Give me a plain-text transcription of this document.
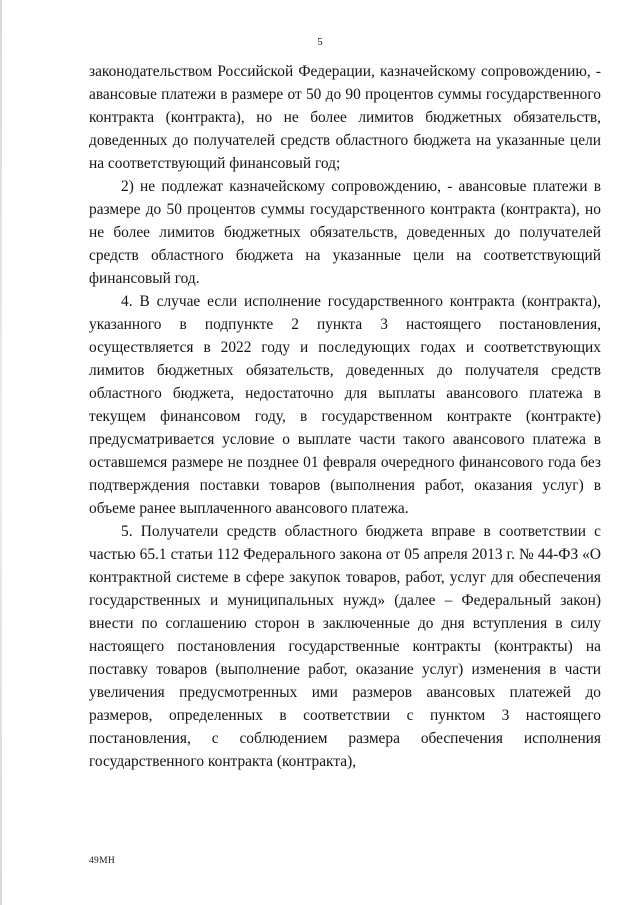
5

законодательством Российской Федерации, казначейскому сопровождению, - авансовые платежи в размере от 50 до 90 процентов суммы государственного контракта (контракта), но не более лимитов бюджетных обязательств, доведенных до получателей средств областного бюджета на указанные цели на соответствующий финансовый год;

2) не подлежат казначейскому сопровождению, - авансовые платежи в размере до 50 процентов суммы государственного контракта (контракта), но не более лимитов бюджетных обязательств, доведенных до получателей средств областного бюджета на указанные цели на соответствующий финансовый год.

4. В случае если исполнение государственного контракта (контракта), указанного в подпункте 2 пункта 3 настоящего постановления, осуществляется в 2022 году и последующих годах и соответствующих лимитов бюджетных обязательств, доведенных до получателя средств областного бюджета, недостаточно для выплаты авансового платежа в текущем финансовом году, в государственном контракте (контракте) предусматривается условие о выплате части такого авансового платежа в оставшемся размере не позднее 01 февраля очередного финансового года без подтверждения поставки товаров (выполнения работ, оказания услуг) в объеме ранее выплаченного авансового платежа.

5. Получатели средств областного бюджета вправе в соответствии с частью 65.1 статьи 112 Федерального закона от 05 апреля 2013 г. № 44-ФЗ «О контрактной системе в сфере закупок товаров, работ, услуг для обеспечения государственных и муниципальных нужд» (далее – Федеральный закон) внести по соглашению сторон в заключенные до дня вступления в силу настоящего постановления государственные контракты (контракты) на поставку товаров (выполнение работ, оказание услуг) изменения в части увеличения предусмотренных ими размеров авансовых платежей до размеров, определенных в соответствии с пунктом 3 настоящего постановления, с соблюдением размера обеспечения исполнения государственного контракта (контракта),

49МН
